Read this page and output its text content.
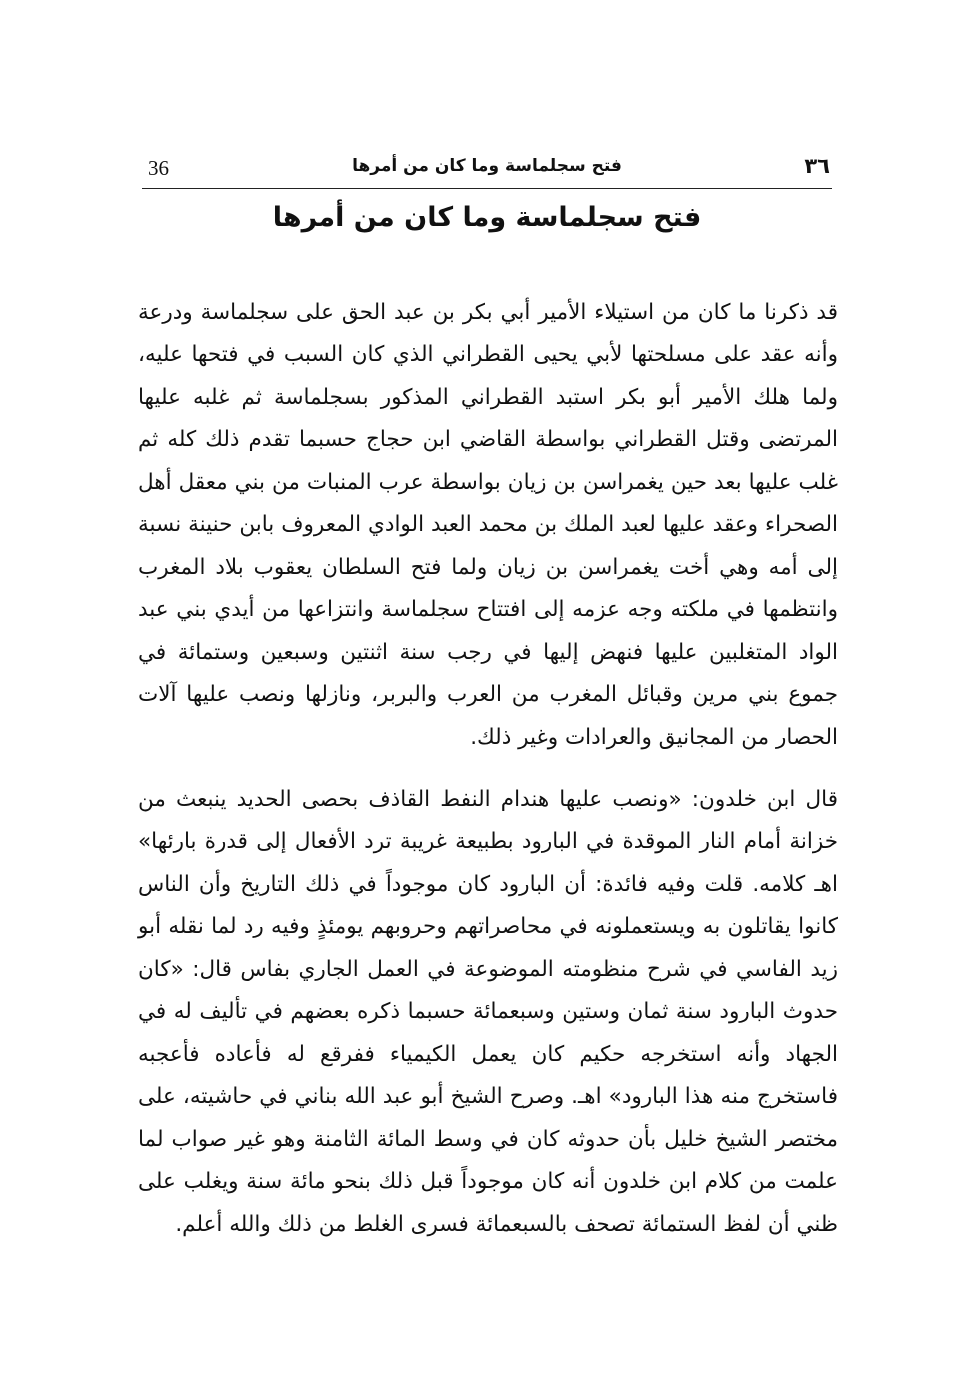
36	فتح سجلماسة وما كان من أمرها	٣٦
فتح سجلماسة وما كان من أمرها

قد ذكرنا ما كان من استيلاء الأمير أبي بكر بن عبد الحق على سجلماسة ودرعة وأنه عقد على مسلحتها لأبي يحيى القطراني الذي كان السبب في فتحها عليه، ولما هلك الأمير أبو بكر استبد القطراني المذكور بسجلماسة ثم غلبه عليها المرتضى وقتل القطراني بواسطة القاضي ابن حجاج حسبما تقدم ذلك كله ثم غلب عليها بعد حين يغمراسن بن زيان بواسطة عرب المنبات من بني معقل أهل الصحراء وعقد عليها لعبد الملك بن محمد العبد الوادي المعروف بابن حنينة نسبة إلى أمه وهي أخت يغمراسن بن زيان ولما فتح السلطان يعقوب بلاد المغرب وانتظمها في ملكته وجه عزمه إلى افتتاح سجلماسة وانتزاعها من أيدي بني عبد الواد المتغلبين عليها فنهض إليها في رجب سنة اثنتين وسبعين وستمائة في جموع بني مرين وقبائل المغرب من العرب والبربر، ونازلها ونصب عليها آلات الحصار من المجانيق والعرادات وغير ذلك.

قال ابن خلدون: «ونصب عليها هندام النفط القاذف بحصى الحديد ينبعث من خزانة أمام النار الموقدة في البارود بطبيعة غريبة ترد الأفعال إلى قدرة بارئها» اهـ كلامه. قلت وفيه فائدة: أن البارود كان موجوداً في ذلك التاريخ وأن الناس كانوا يقاتلون به ويستعملونه في محاصراتهم وحروبهم يومئذٍ وفيه رد لما نقله أبو زيد الفاسي في شرح منظومته الموضوعة في العمل الجاري بفاس قال: «كان حدوث البارود سنة ثمان وستين وسبعمائة حسبما ذكره بعضهم في تأليف له في الجهاد وأنه استخرجه حكيم كان يعمل الكيمياء ففرقع له فأعاده فأعجبه فاستخرج منه هذا البارود» اهـ. وصرح الشيخ أبو عبد الله بناني في حاشيته، على مختصر الشيخ خليل بأن حدوثه كان في وسط المائة الثامنة وهو غير صواب لما علمت من كلام ابن خلدون أنه كان موجوداً قبل ذلك بنحو مائة سنة ويغلب على ظني أن لفظ الستمائة تصحف بالسبعمائة فسرى الغلط من ذلك والله أعلم.
